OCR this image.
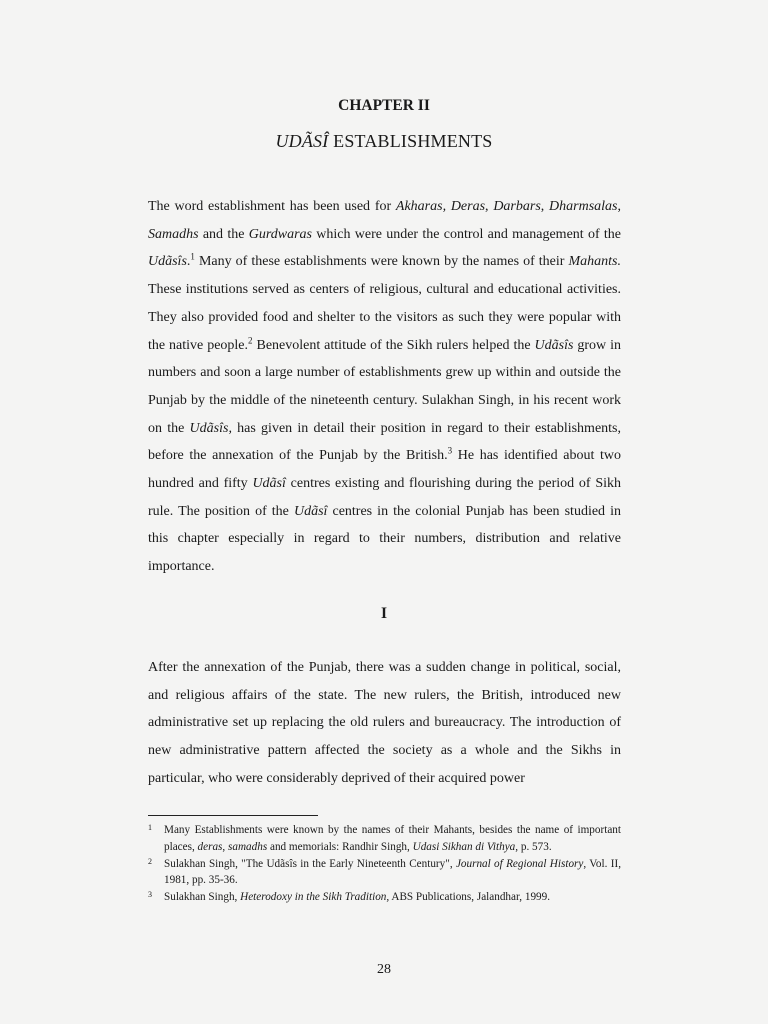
CHAPTER II
UDÃSÎ ESTABLISHMENTS

The word establishment has been used for Akharas, Deras, Darbars, Dharmsalas, Samadhs and the Gurdwaras which were under the control and management of the Udãsîs.$^1$ Many of these establishments were known by the names of their Mahants. These institutions served as centers of religious, cultural and educational activities. They also provided food and shelter to the visitors as such they were popular with the native people.$^2$ Benevolent attitude of the Sikh rulers helped the Udãsîs grow in numbers and soon a large number of establishments grew up within and outside the Punjab by the middle of the nineteenth century. Sulakhan Singh, in his recent work on the Udãsîs, has given in detail their position in regard to their establishments, before the annexation of the Punjab by the British.$^3$ He has identified about two hundred and fifty Udãsî centres existing and flourishing during the period of Sikh rule. The position of the Udãsî centres in the colonial Punjab has been studied in this chapter especially in regard to their numbers, distribution and relative importance.

I

After the annexation of the Punjab, there was a sudden change in political, social, and religious affairs of the state. The new rulers, the British, introduced new administrative set up replacing the old rulers and bureaucracy. The introduction of new administrative pattern affected the society as a whole and the Sikhs in particular, who were considerably deprived of their acquired power

1	Many Establishments were known by the names of their Mahants, besides the name of important places, deras, samadhs and memorials: Randhir Singh, Udasi Sikhan di Vithya, p. 573.
2	Sulakhan Singh, "The Udãsîs in the Early Nineteenth Century", Journal of Regional History, Vol. II, 1981, pp. 35-36.
3	Sulakhan Singh, Heterodoxy in the Sikh Tradition, ABS Publications, Jalandhar, 1999.
28
